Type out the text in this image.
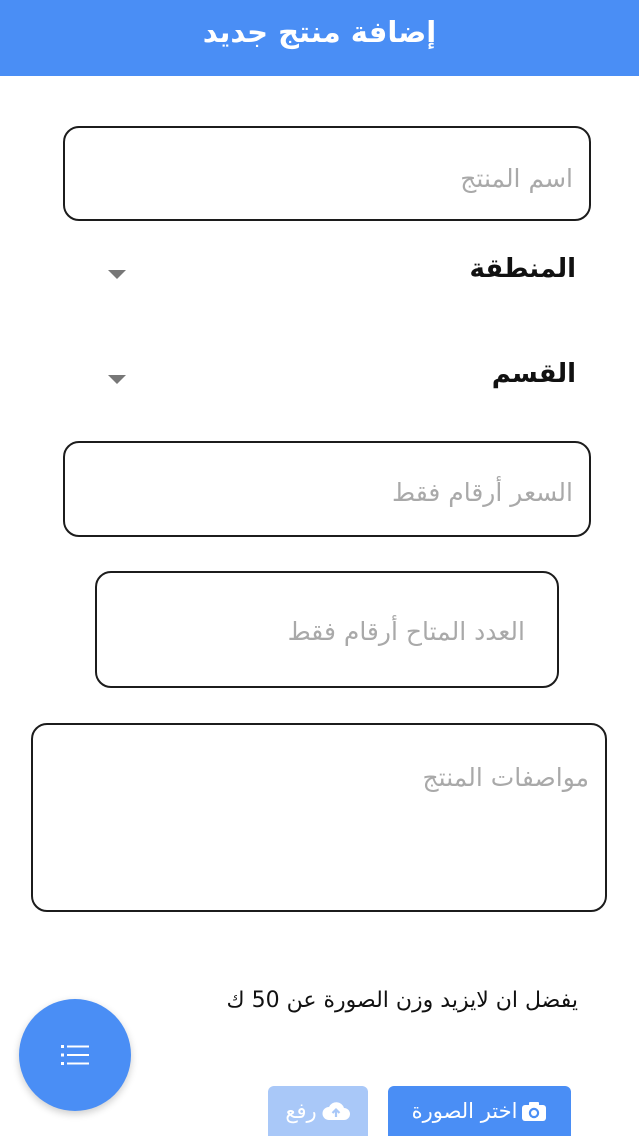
إضافة منتج جديد
اسم المنتج
المنطقة
القسم
السعر أرقام فقط
العدد المتاح أرقام فقط
مواصفات المنتج
يفضل ان لايزيد وزن الصورة عن 50 ك
اختر الصورة
رفع
